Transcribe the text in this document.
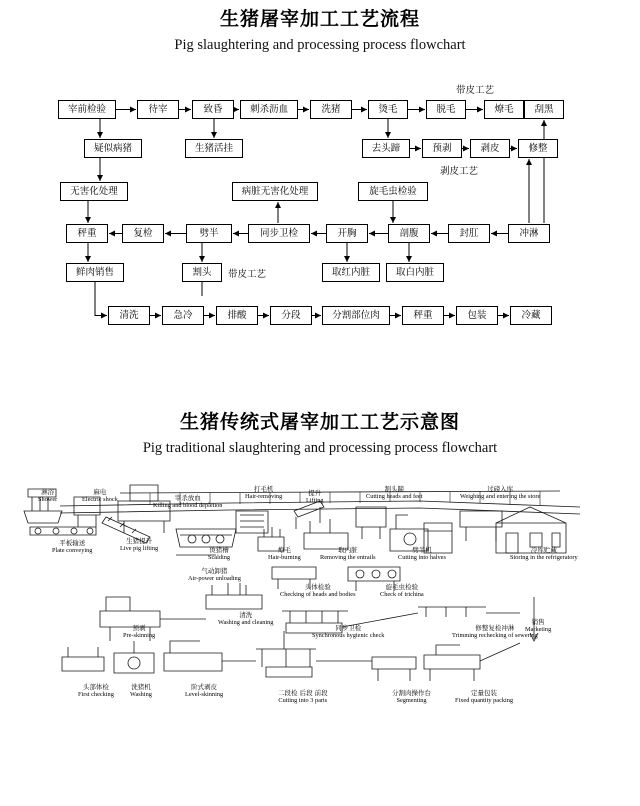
生猪屠宰加工工艺流程
Pig slaughtering and processing process flowchart
宰前检验	待宰	致昏	刺杀沥血	洗猪	烫毛	脱毛	燎毛	刮黑
疑似病猪	生猪活挂	去头蹄	预剥	剥皮	修整
无害化处理	病脏无害化处理	旋毛虫检验
秤重	复检	劈半	同步卫检	开胸	剖腹	封肛	冲淋
鲜肉销售	割头	取红内脏	取白内脏
清洗	急冷	排酸	分段	分割部位肉	秤重	包装	冷藏
带皮工艺
剥皮工艺
带皮工艺
生猪传统式屠宰加工工艺示意图
Pig traditional slaughtering and processing process flowchart
淋浴
Shower
麻电
Electric shock	宰杀放血
Killing and blood depletion
打毛机
Hair-removing	提升
Lifting
割头蹄
Cutting heads and feet
过磅入库
Weighing and entering the store
平板输送
Plate conveying
生猪提升
Live pig lifting	烫猪槽
Scalding
燎毛
Hair-burning
取内脏
Removing the entrails
劈半机
Cutting into halves
冷库贮藏
Storing in the refrigeratory
气动卸猪
Air-power unloading
头体检验
Checking of heads and bodies
旋毛虫检验
Check of trichina
清洗
Washing and cleaning
预剥
Pre-skinning
同步卫检
Synchronous hygienic check
修整复检冲淋
Trimming rechecking of sewering
销售
Marketing
头部体检
First checking
洗猪机
Washing
阶式剥皮
Level-skinning	二段检 后段 前段
Cutting into 3 parts
分割肉操作台
Segmenting
定量包装
Fixed quantity packing
